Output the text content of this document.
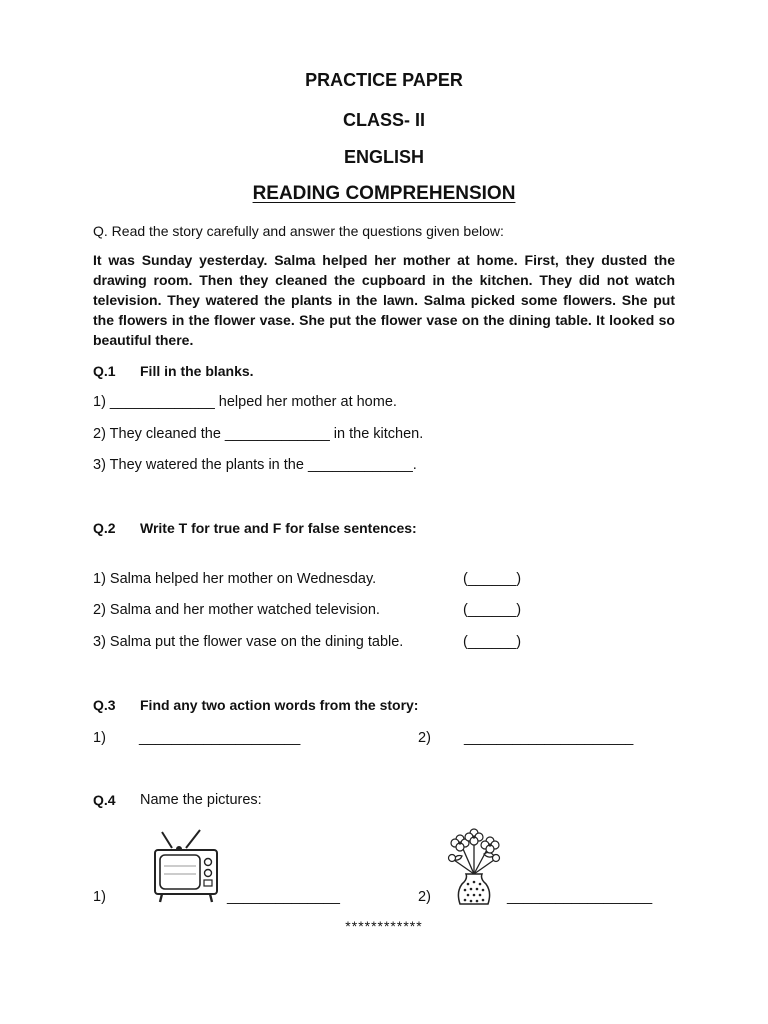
PRACTICE PAPER
CLASS- II
ENGLISH
READING COMPREHENSION
Q. Read the story carefully and answer the questions given below:

It was Sunday yesterday. Salma helped her mother at home. First, they dusted the drawing room. Then they cleaned the cupboard in the kitchen. They did not watch television. They watered the plants in the lawn. Salma picked some flowers. She put the flowers in the flower vase. She put the flower vase on the dining table. It looked so beautiful there.

Q.1 Fill in the blanks.
1) _____________ helped her mother at home.
2) They cleaned the _____________ in the kitchen.
3) They watered the plants in the _____________.
Q.2 Write T for true and F for false sentences:
1) Salma helped her mother on Wednesday.	(______)
2) Salma and her mother watched television.	(______)
3) Salma put the flower vase on the dining table.	(______)
Q.3 Find any two action words from the story:
1) ____________________	2) _____________________
Q.4 Name the pictures:
1)	______________	2)	__________________
************
